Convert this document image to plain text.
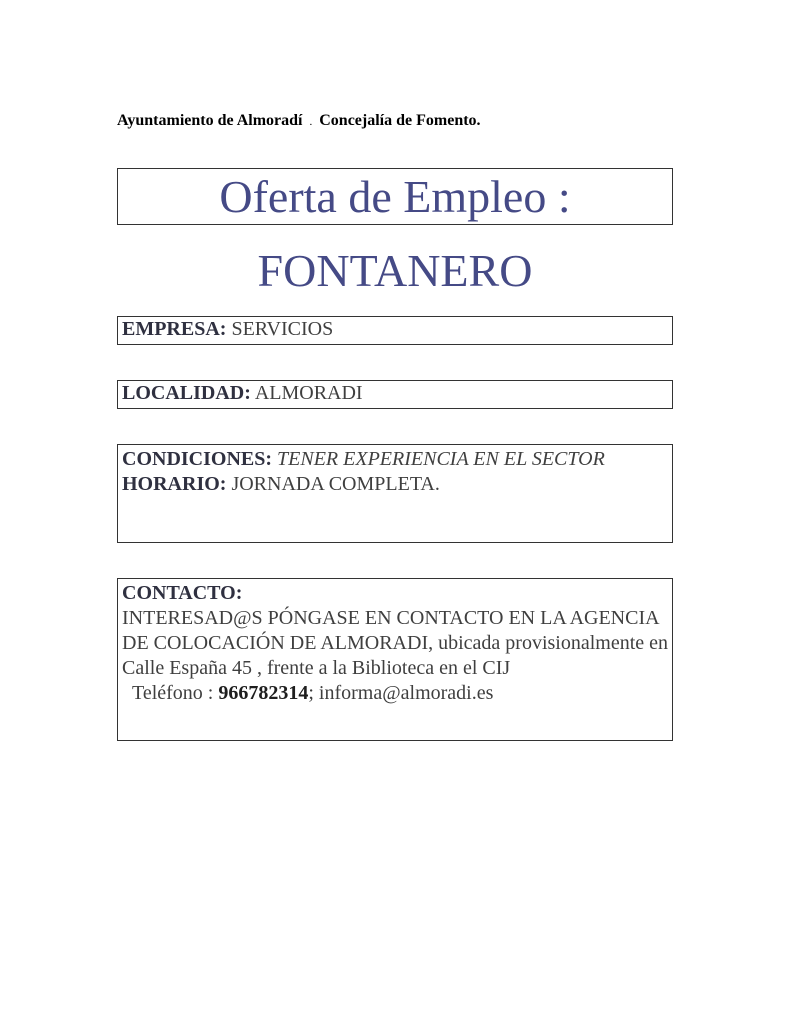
Ayuntamiento de Almoradí . Concejalía de Fomento.
Oferta de Empleo :
FONTANERO
EMPRESA: SERVICIOS
LOCALIDAD: ALMORADI
CONDICIONES: TENER EXPERIENCIA EN EL SECTOR
HORARIO: JORNADA COMPLETA.
CONTACTO:
INTERESAD@S PÓNGASE EN CONTACTO EN LA AGENCIA DE COLOCACIÓN DE ALMORADI, ubicada provisionalmente en Calle España 45 , frente a la Biblioteca en el CIJ
Teléfono : 966782314; informa@almoradi.es
